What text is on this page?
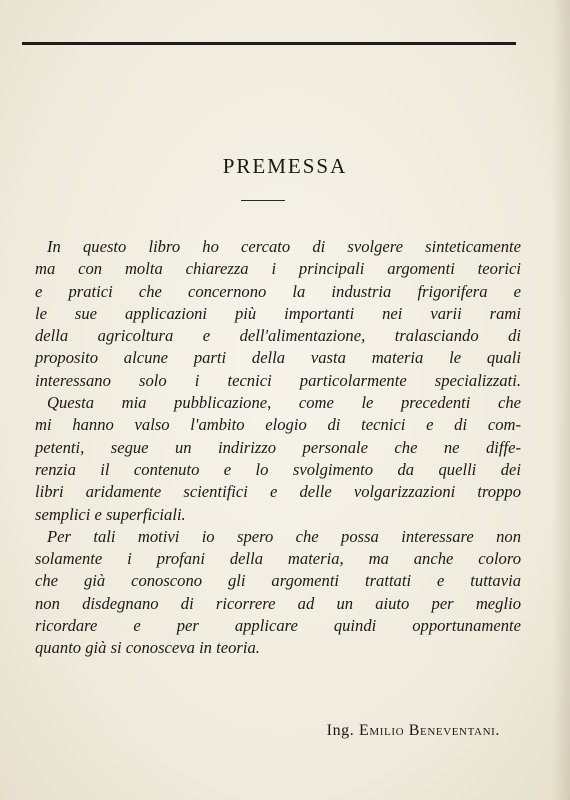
PREMESSA
In questo libro ho cercato di svolgere sinteticamente
ma con molta chiarezza i principali argomenti teorici
e pratici che concernono la industria frigorifera e
le sue applicazioni più importanti nei varii rami
della agricoltura e dell'alimentazione, tralasciando di
proposito alcune parti della vasta materia le quali
interessano solo i tecnici particolarmente specializzati.
Questa mia pubblicazione, come le precedenti che
mi hanno valso l'ambito elogio di tecnici e di com-
petenti, segue un indirizzo personale che ne diffe-
renzia il contenuto e lo svolgimento da quelli dei
libri aridamente scientifici e delle volgarizzazioni troppo
semplici e superficiali.
Per tali motivi io spero che possa interessare non
solamente i profani della materia, ma anche coloro
che già conoscono gli argomenti trattati e tuttavia
non disdegnano di ricorrere ad un aiuto per meglio
ricordare e per applicare quindi opportunamente
quanto già si conosceva in teoria.
Ing. Emilio Beneventani.
